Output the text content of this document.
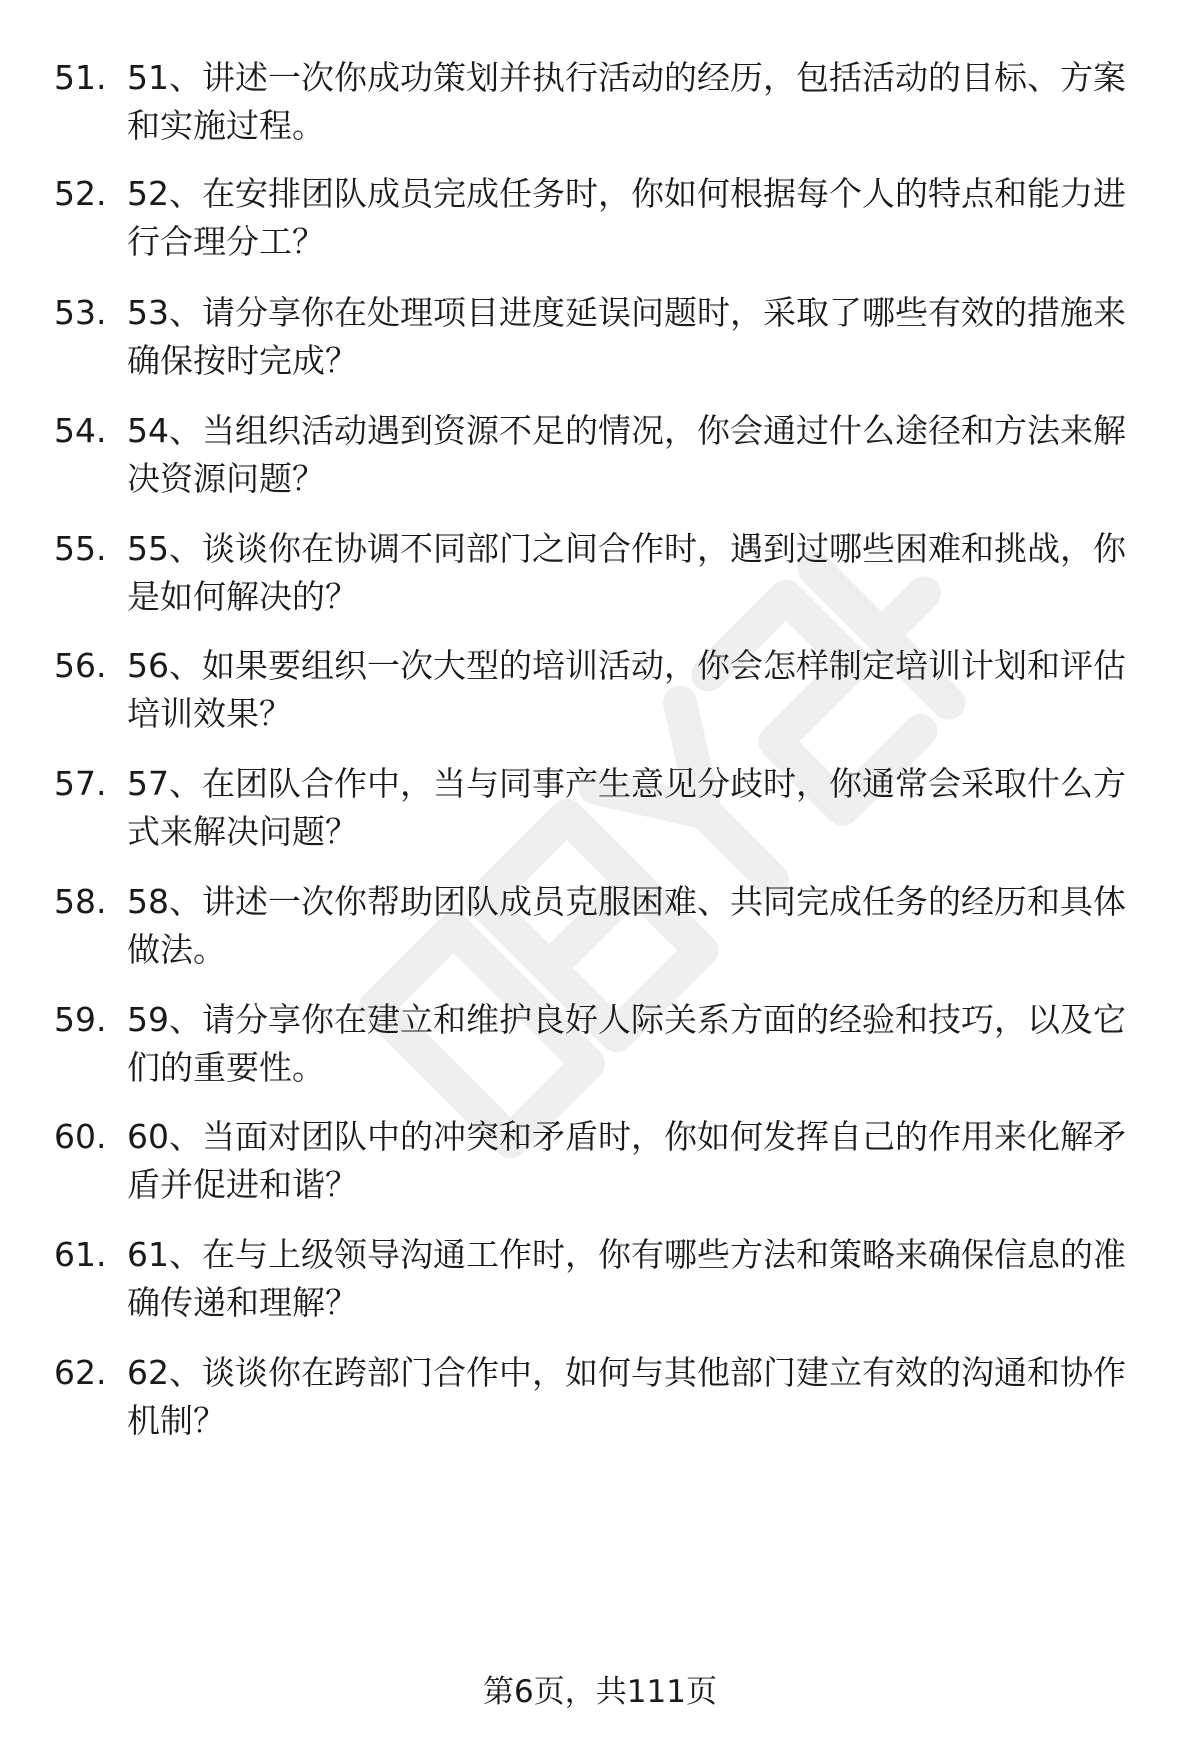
51. 51、讲述一次你成功策划并执行活动的经历，包括活动的目标、方案和实施过程。
52. 52、在安排团队成员完成任务时，你如何根据每个人的特点和能力进行合理分工？
53. 53、请分享你在处理项目进度延误问题时，采取了哪些有效的措施来确保按时完成？
54. 54、当组织活动遇到资源不足的情况，你会通过什么途径和方法来解决资源问题？
55. 55、谈谈你在协调不同部门之间合作时，遇到过哪些困难和挑战，你是如何解决的？
56. 56、如果要组织一次大型的培训活动，你会怎样制定培训计划和评估培训效果？
57. 57、在团队合作中，当与同事产生意见分歧时，你通常会采取什么方式来解决问题？
58. 58、讲述一次你帮助团队成员克服困难、共同完成任务的经历和具体做法。
59. 59、请分享你在建立和维护良好人际关系方面的经验和技巧，以及它们的重要性。
60. 60、当面对团队中的冲突和矛盾时，你如何发挥自己的作用来化解矛盾并促进和谐？
61. 61、在与上级领导沟通工作时，你有哪些方法和策略来确保信息的准确传递和理解？
62. 62、谈谈你在跨部门合作中，如何与其他部门建立有效的沟通和协作机制？
第6页，共111页
